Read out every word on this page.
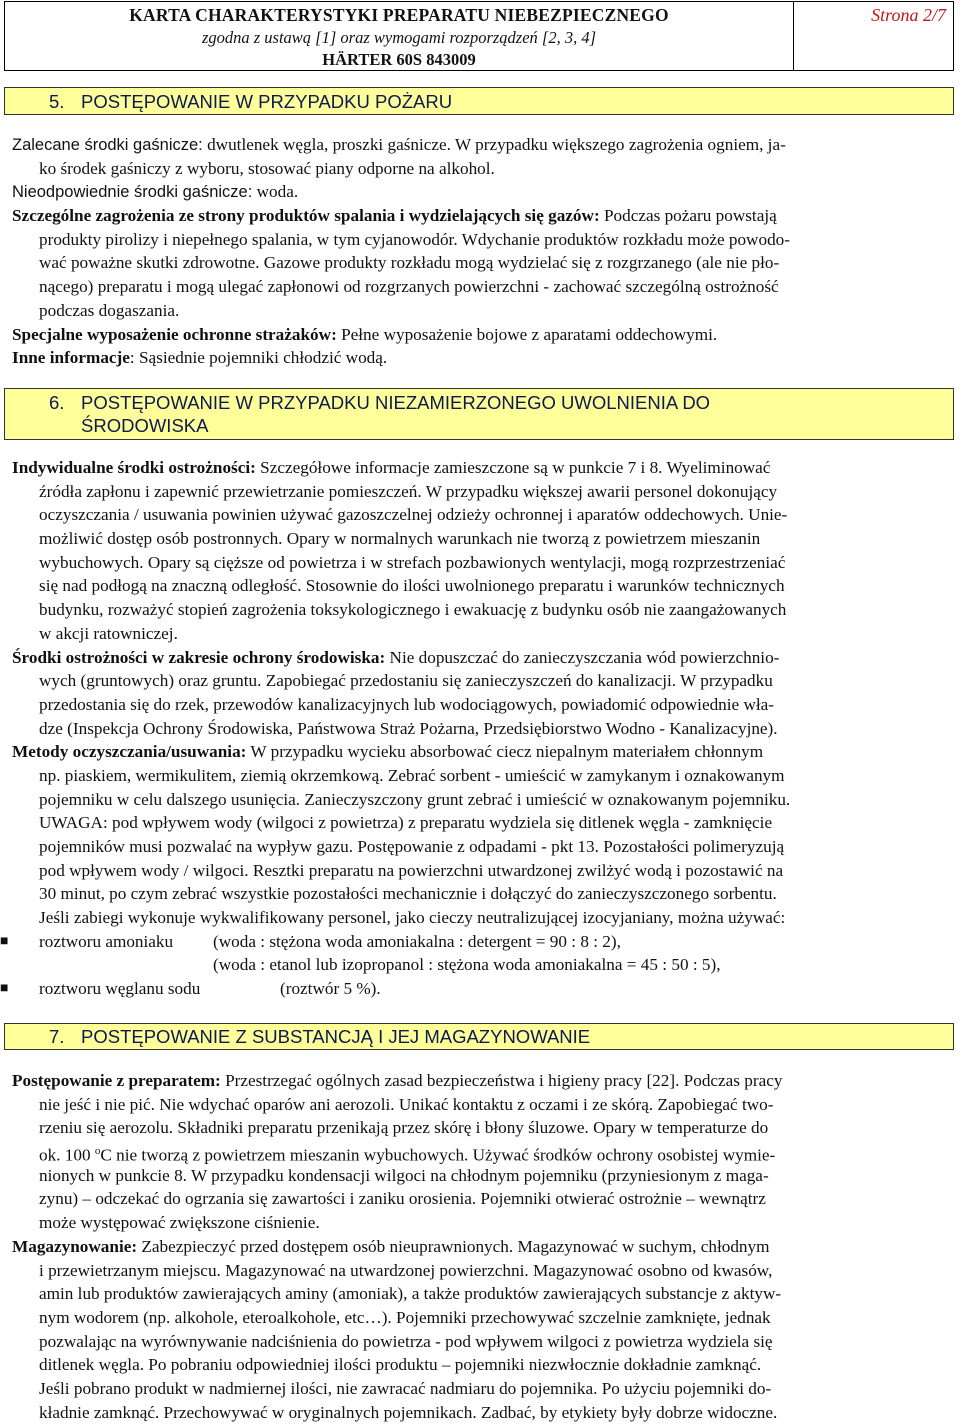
KARTA CHARAKTERYSTYKI PREPARATU NIEBEZPIECZNEGO
zgodna z ustawą [1] oraz wymogami rozporządzeń [2, 3, 4]
HÄRTER 60S 843009
Strona 2/7
5. POSTĘPOWANIE W PRZYPADKU POŻARU
Zalecane środki gaśnicze: dwutlenek węgla, proszki gaśnicze. W przypadku większego zagrożenia ogniem, ja-
ko środek gaśniczy z wyboru, stosować piany odporne na alkohol.
Nieodpowiednie środki gaśnicze: woda.
Szczególne zagrożenia ze strony produktów spalania i wydzielających się gazów: Podczas pożaru powstają
produkty pirolizy i niepełnego spalania, w tym cyjanowodór. Wdychanie produktów rozkładu może powodo-
wać poważne skutki zdrowotne. Gazowe produkty rozkładu mogą wydzielać się z rozgrzanego (ale nie pło-
nącego) preparatu i mogą ulegać zapłonowi od rozgrzanych powierzchni - zachować szczególną ostrożność
podczas dogaszania.
Specjalne wyposażenie ochronne strażaków: Pełne wyposażenie bojowe z aparatami oddechowymi.
Inne informacje: Sąsiednie pojemniki chłodzić wodą.
6. POSTĘPOWANIE W PRZYPADKU NIEZAMIERZONEGO UWOLNIENIA DO
ŚRODOWISKA
Indywidualne środki ostrożności: Szczegółowe informacje zamieszczone są w punkcie 7 i 8. Wyeliminować
źródła zapłonu i zapewnić przewietrzanie pomieszczeń. W przypadku większej awarii personel dokonujący
oczyszczania / usuwania powinien używać gazoszczelnej odzieży ochronnej i aparatów oddechowych. Unie-
możliwić dostęp osób postronnych. Opary w normalnych warunkach nie tworzą z powietrzem mieszanin
wybuchowych. Opary są cięższe od powietrza i w strefach pozbawionych wentylacji, mogą rozprzestrzeniać
się nad podłogą na znaczną odległość. Stosownie do ilości uwolnionego preparatu i warunków technicznych
budynku, rozważyć stopień zagrożenia toksykologicznego i ewakuację z budynku osób nie zaangażowanych
w akcji ratowniczej.
Środki ostrożności w zakresie ochrony środowiska: Nie dopuszczać do zanieczyszczania wód powierzchnio-
wych (gruntowych) oraz gruntu. Zapobiegać przedostaniu się zanieczyszczeń do kanalizacji. W przypadku
przedostania się do rzek, przewodów kanalizacyjnych lub wodociągowych, powiadomić odpowiednie wła-
dze (Inspekcja Ochrony Środowiska, Państwowa Straż Pożarna, Przedsiębiorstwo Wodno - Kanalizacyjne).
Metody oczyszczania/usuwania: W przypadku wycieku absorbować ciecz niepalnym materiałem chłonnym
np. piaskiem, wermikulitem, ziemią okrzemkową. Zebrać sorbent - umieścić w zamykanym i oznakowanym
pojemniku w celu dalszego usunięcia. Zanieczyszczony grunt zebrać i umieścić w oznakowanym pojemniku.
UWAGA: pod wpływem wody (wilgoci z powietrza) z preparatu wydziela się ditlenek węgla - zamknięcie
pojemników musi pozwalać na wypływ gazu. Postępowanie z odpadami - pkt 13. Pozostałości polimeryzują
pod wpływem wody / wilgoci. Resztki preparatu na powierzchni utwardzonej zwilżyć wodą i pozostawić na
30 minut, po czym zebrać wszystkie pozostałości mechanicznie i dołączyć do zanieczyszczonego sorbentu.
Jeśli zabiegi wykonuje wykwalifikowany personel, jako cieczy neutralizującej izocyjaniany, można używać:
■ roztworu amoniaku (woda : stężona woda amoniakalna : detergent = 90 : 8 : 2),
(woda : etanol lub izopropanol : stężona woda amoniakalna = 45 : 50 : 5),
■ roztworu węglanu sodu	(roztwór 5 %).
7. POSTĘPOWANIE Z SUBSTANCJĄ I JEJ MAGAZYNOWANIE
Postępowanie z preparatem: Przestrzegać ogólnych zasad bezpieczeństwa i higieny pracy [22]. Podczas pracy
nie jeść i nie pić. Nie wdychać oparów ani aerozoli. Unikać kontaktu z oczami i ze skórą. Zapobiegać two-
rzeniu się aerozolu. Składniki preparatu przenikają przez skórę i błony śluzowe. Opary w temperaturze do
ok. 100 $^o$C nie tworzą z powietrzem mieszanin wybuchowych. Używać środków ochrony osobistej wymie-
nionych w punkcie 8. W przypadku kondensacji wilgoci na chłodnym pojemniku (przyniesionym z maga-
zynu) – odczekać do ogrzania się zawartości i zaniku orosienia. Pojemniki otwierać ostrożnie – wewnątrz
może występować zwiększone ciśnienie.
Magazynowanie: Zabezpieczyć przed dostępem osób nieuprawnionych. Magazynować w suchym, chłodnym
i przewietrzanym miejscu. Magazynować na utwardzonej powierzchni. Magazynować osobno od kwasów,
amin lub produktów zawierających aminy (amoniak), a także produktów zawierających substancje z aktyw-
nym wodorem (np. alkohole, eteroalkohole, etc…). Pojemniki przechowywać szczelnie zamknięte, jednak
pozwalając na wyrównywanie nadciśnienia do powietrza - pod wpływem wilgoci z powietrza wydziela się
ditlenek węgla. Po pobraniu odpowiedniej ilości produktu – pojemniki niezwłocznie dokładnie zamknąć.
Jeśli pobrano produkt w nadmiernej ilości, nie zawracać nadmiaru do pojemnika. Po użyciu pojemniki do-
kładnie zamknąć. Przechowywać w oryginalnych pojemnikach. Zadbać, by etykiety były dobrze widoczne.
